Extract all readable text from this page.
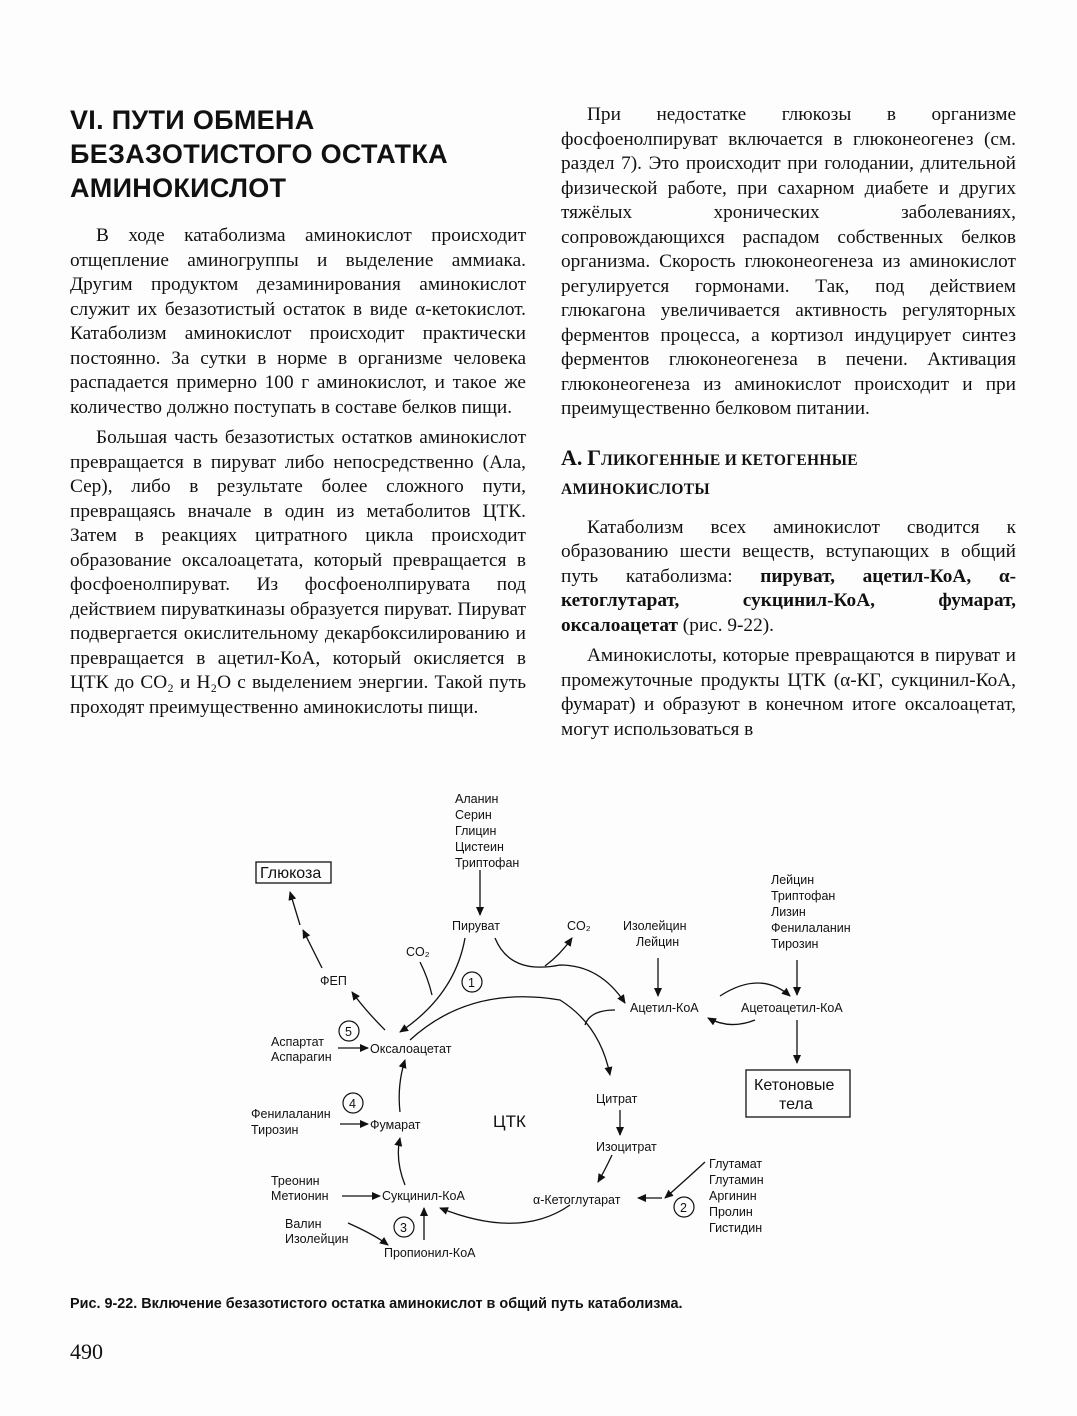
VI. ПУТИ ОБМЕНА
БЕЗАЗОТИСТОГО ОСТАТКА
АМИНОКИСЛОТ

В ходе катаболизма аминокислот происходит отщепление аминогруппы и выделение аммиака. Другим продуктом дезаминирования аминокислот служит их безазотистый остаток в виде α-кетокислот. Катаболизм аминокислот происходит практически постоянно. За сутки в норме в организме человека распадается примерно 100 г аминокислот, и такое же количество должно поступать в составе белков пищи.

Большая часть безазотистых остатков аминокислот превращается в пируват либо непосредственно (Ала, Сер), либо в результате более сложного пути, превращаясь вначале в один из метаболитов ЦТК. Затем в реакциях цитратного цикла происходит образование оксалоацетата, который превращается в фосфоенолпируват. Из фосфоенолпирувата под действием пируваткиназы образуется пируват. Пируват подвергается окислительному декарбоксилированию и превращается в ацетил-КоА, который окисляется в ЦТК до CO₂ и H₂O с выделением энергии. Такой путь проходят преимущественно аминокислоты пищи.

При недостатке глюкозы в организме фосфоенолпируват включается в глюконеогенез (см. раздел 7). Это происходит при голодании, длительной физической работе, при сахарном диабете и других тяжёлых хронических заболеваниях, сопровождающихся распадом собственных белков организма. Скорость глюконеогенеза из аминокислот регулируется гормонами. Так, под действием глюкагона увеличивается активность регуляторных ферментов процесса, а кортизол индуцирует синтез ферментов глюконеогенеза в печени. Активация глюконеогенеза из аминокислот происходит и при преимущественно белковом питании.

А. ГЛИКОГЕННЫЕ И КЕТОГЕННЫЕ
АМИНОКИСЛОТЫ

Катаболизм всех аминокислот сводится к образованию шести веществ, вступающих в общий путь катаболизма: пируват, ацетил-КоА, α-кетоглутарат, сукцинил-КоА, фумарат, оксалоацетат (рис. 9-22).

Аминокислоты, которые превращаются в пируват и промежуточные продукты ЦТК (α-КГ, сукцинил-КоА, фумарат) и образуют в конечном итоге оксалоацетат, могут использоваться в

1
2
3
4
5
Аланин
Серин
Глицин
Цистеин
Триптофан
Глюкоза
Пируват	CO₂
CO₂
ФЕП
Аспартат
Аспарагин
Оксалоацетат
Фенилаланин
Тирозин	Фумарат	ЦТК
Треонин
Метионин	Сукцинил-КоА
Валин
Изолейцин
Пропионил-КоА
Цитрат
Изоцитрат
α-Кетоглутарат
Глутамат
Глутамин
Аргинин
Пролин
Гистидин
Изолейцин
Лейцин
Ацетил-КоА	Ацетоацетил-КоА
Лейцин
Триптофан
Лизин
Фенилаланин
Тирозин
Кетоновые
тела
Рис. 9-22. Включение безазотистого остатка аминокислот в общий путь катаболизма.
490
